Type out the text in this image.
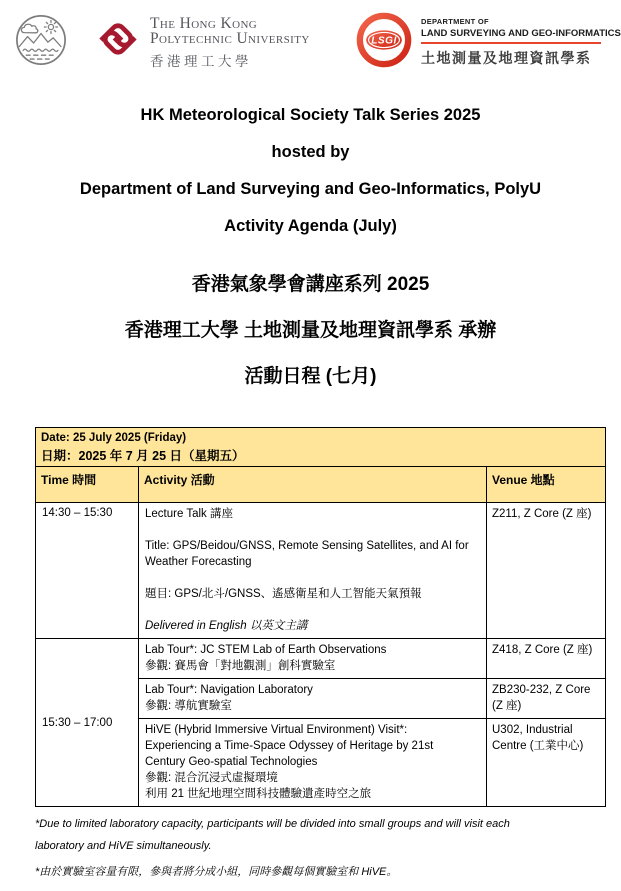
The Hong Kong
Polytechnic University
香港理工大學
LSGI
DEPARTMENT OF
LAND SURVEYING AND GEO-INFORMATICS
土地測量及地理資訊學系

HK Meteorological Society Talk Series 2025

hosted by

Department of Land Surveying and Geo-Informatics, PolyU

Activity Agenda (July)

香港氣象學會講座系列 2025

香港理工大學 土地測量及地理資訊學系 承辦

活動日程 (七月)

Date: 25 July 2025 (Friday)
日期：2025 年 7 月 25 日（星期五）		

Time 時間	Activity 活動	Venue 地點
14:30 – 15:30	Lecture Talk 講座

Title: GPS/Beidou/GNSS, Remote Sensing Satellites, and AI for Weather Forecasting

題目: GPS/北斗/GNSS、遙感衛星和人工智能天氣預報

Delivered in English 以英文主講	Z211, Z Core (Z 座)
15:30 – 17:00	Lab Tour*: JC STEM Lab of Earth Observations
參觀: 賽馬會「對地觀測」創科實驗室	Z418, Z Core (Z 座)

	Lab Tour*: Navigation Laboratory
參觀: 導航實驗室	ZB230-232, Z Core (Z 座)

	HiVE (Hybrid Immersive Virtual Environment) Visit*:
Experiencing a Time-Space Odyssey of Heritage by 21st
Century Geo-spatial Technologies
參觀: 混合沉浸式虛擬環境
利用 21 世紀地理空間科技體驗遺產時空之旅	U302, Industrial Centre (工業中心)
*Due to limited laboratory capacity, participants will be divided into small groups and will visit each
laboratory and HiVE simultaneously.
*由於實驗室容量有限，參與者將分成小組，同時參觀每個實驗室和 HiVE。
